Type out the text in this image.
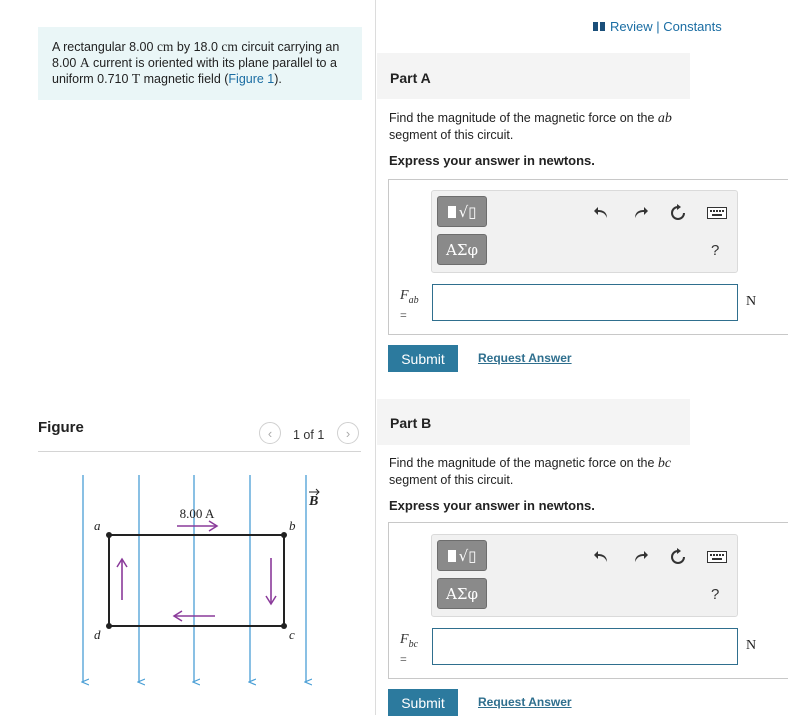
A rectangular 8.00 cm by 18.0 cm circuit carrying an 8.00 A current is oriented with its plane parallel to a uniform 0.710 T magnetic field (Figure 1).
Review | Constants
Part A
Find the magnitude of the magnetic force on the ab segment of this circuit.
Express your answer in newtons.
√▯
ΑΣφ	?
$F_{ab}$
=
N
Submit	Request Answer
Part B
Find the magnitude of the magnetic force on the bc segment of this circuit.
Express your answer in newtons.
√▯
ΑΣφ	?
$F_{bc}$
=
N
Submit	Request Answer
Figure	‹	1 of 1	›
8.00 A
a	b
c
d
B
